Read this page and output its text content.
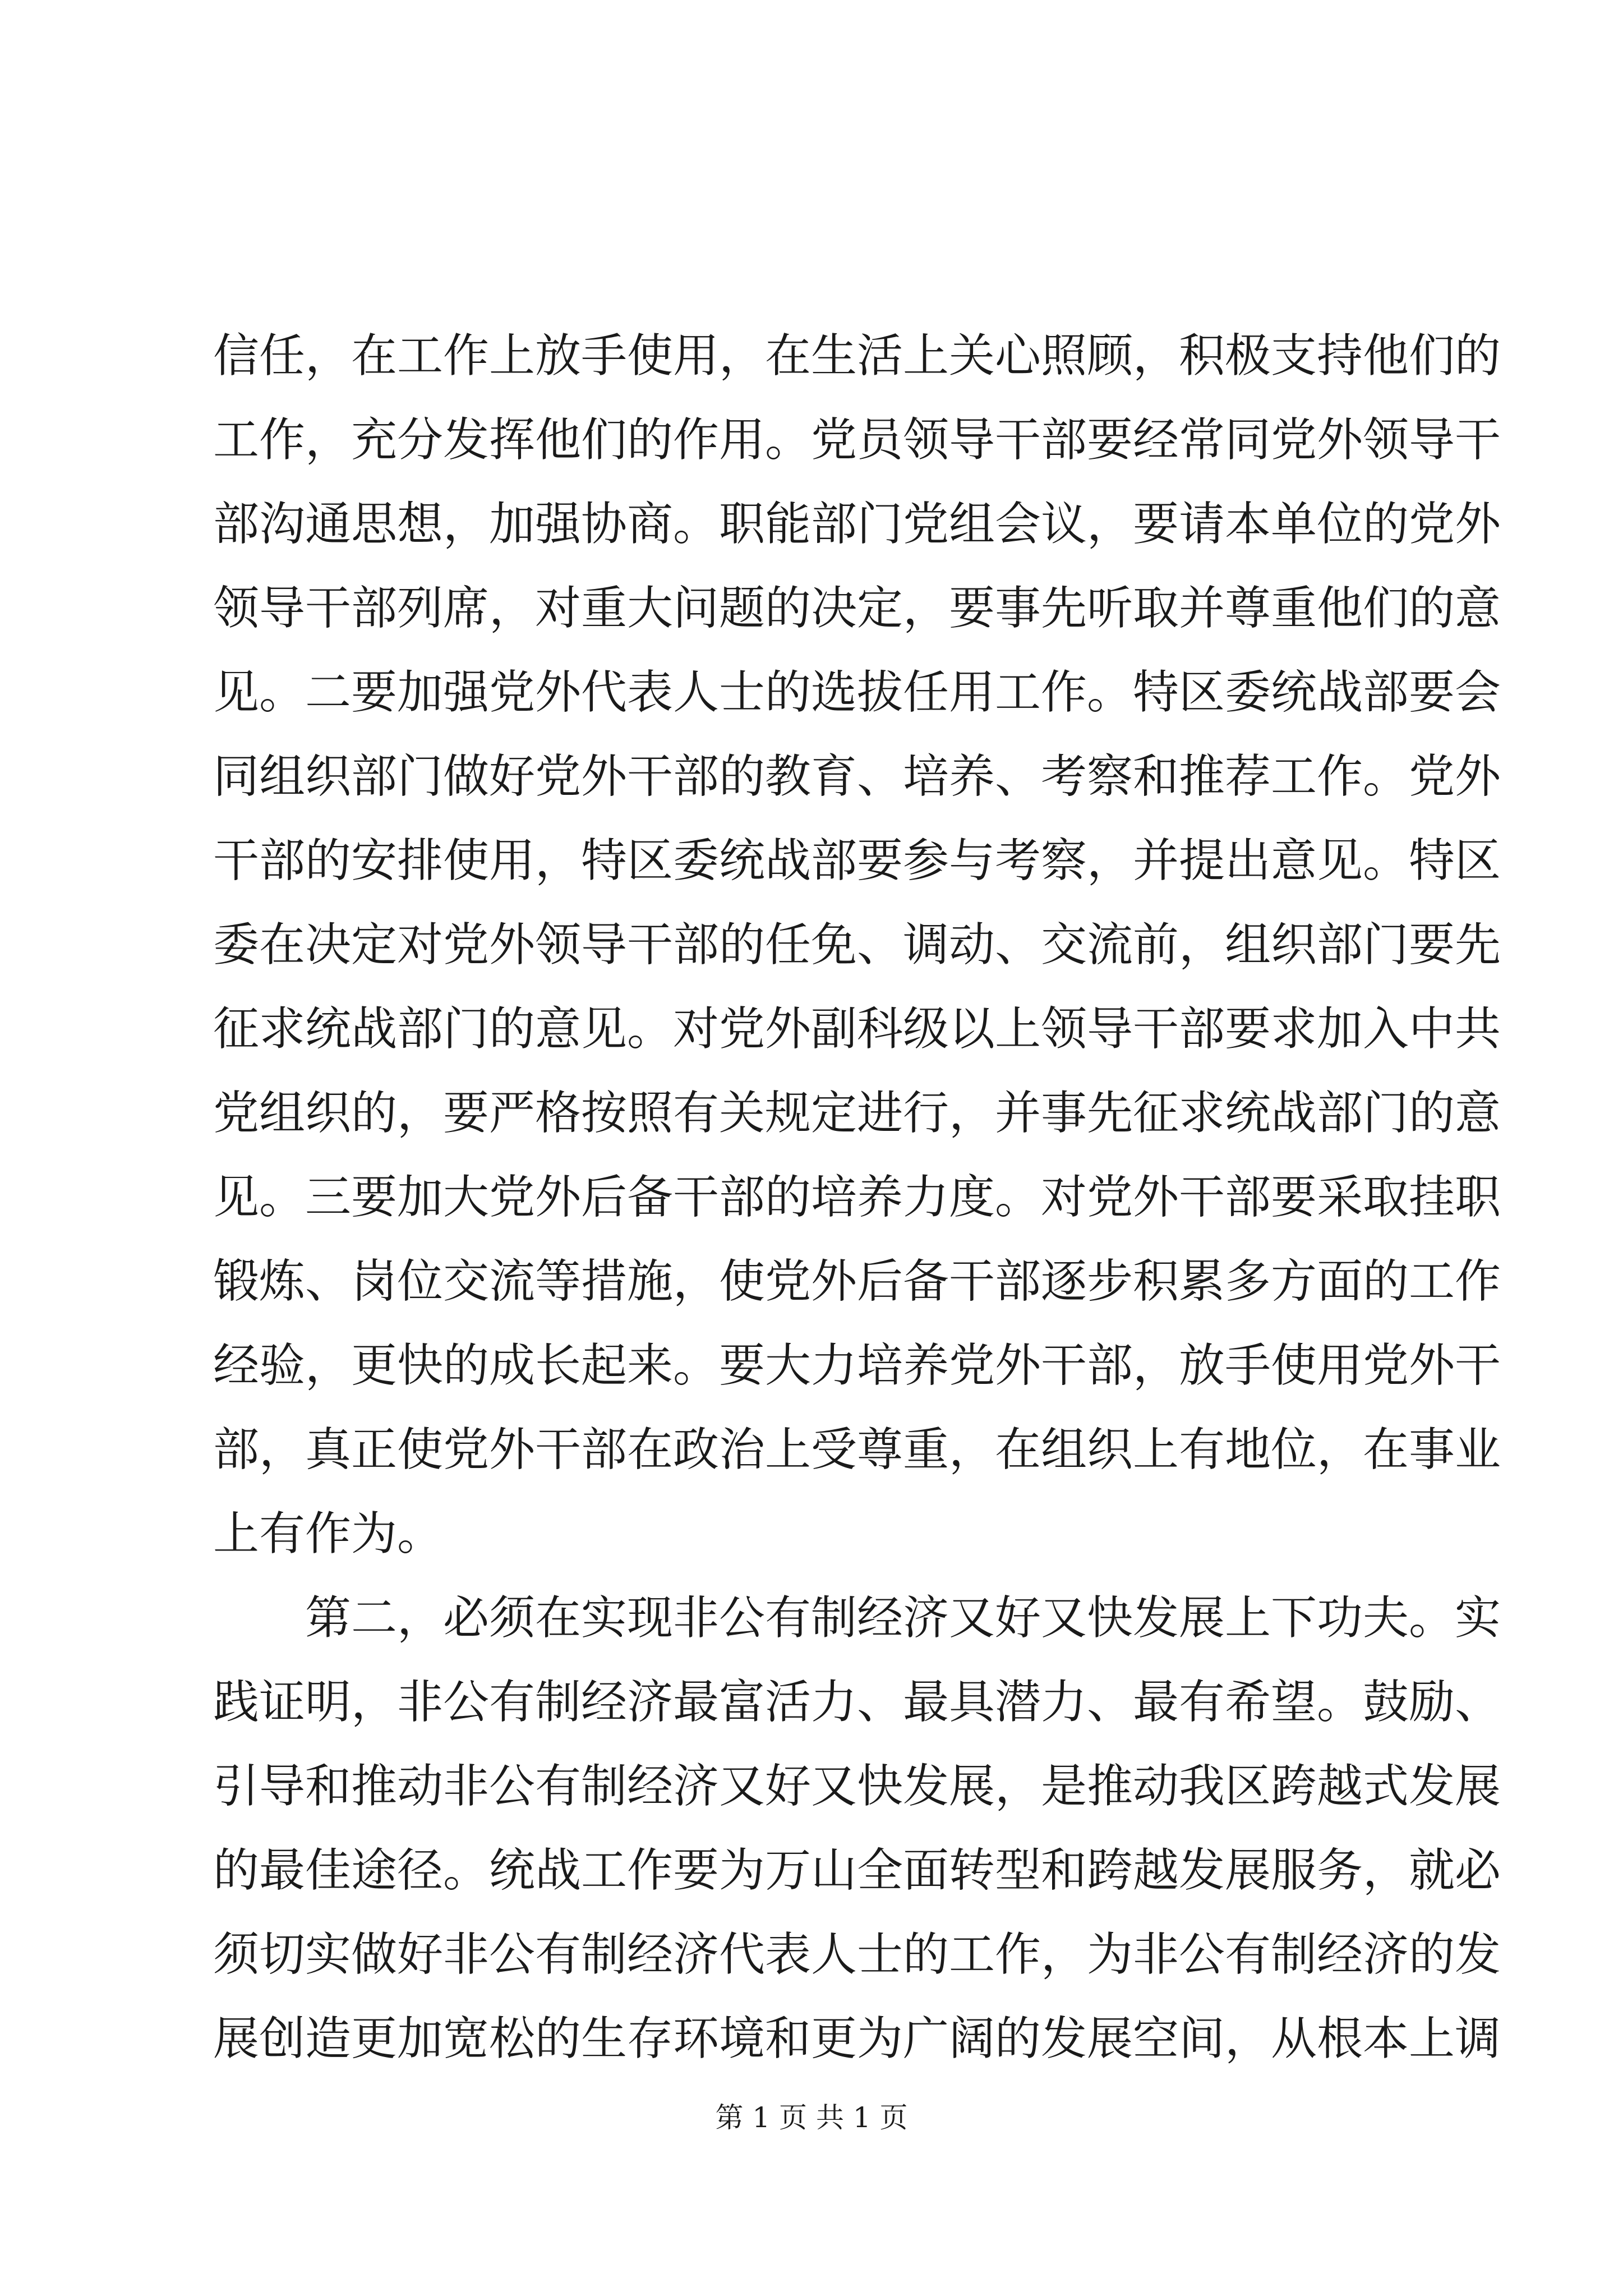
信任，在工作上放手使用，在生活上关心照顾，积极支持他们的
工作，充分发挥他们的作用。党员领导干部要经常同党外领导干
部沟通思想，加强协商。职能部门党组会议，要请本单位的党外
领导干部列席，对重大问题的决定，要事先听取并尊重他们的意
见。二要加强党外代表人士的选拔任用工作。特区委统战部要会
同组织部门做好党外干部的教育、培养、考察和推荐工作。党外
干部的安排使用，特区委统战部要参与考察，并提出意见。特区
委在决定对党外领导干部的任免、调动、交流前，组织部门要先
征求统战部门的意见。对党外副科级以上领导干部要求加入中共
党组织的，要严格按照有关规定进行，并事先征求统战部门的意
见。三要加大党外后备干部的培养力度。对党外干部要采取挂职
锻炼、岗位交流等措施，使党外后备干部逐步积累多方面的工作
经验，更快的成长起来。要大力培养党外干部，放手使用党外干
部，真正使党外干部在政治上受尊重，在组织上有地位，在事业
上有作为。
第二，必须在实现非公有制经济又好又快发展上下功夫。实
践证明，非公有制经济最富活力、最具潜力、最有希望。鼓励、
引导和推动非公有制经济又好又快发展，是推动我区跨越式发展
的最佳途径。统战工作要为万山全面转型和跨越发展服务，就必
须切实做好非公有制经济代表人士的工作，为非公有制经济的发
展创造更加宽松的生存环境和更为广阔的发展空间，从根本上调
第 1 页 共 1 页
